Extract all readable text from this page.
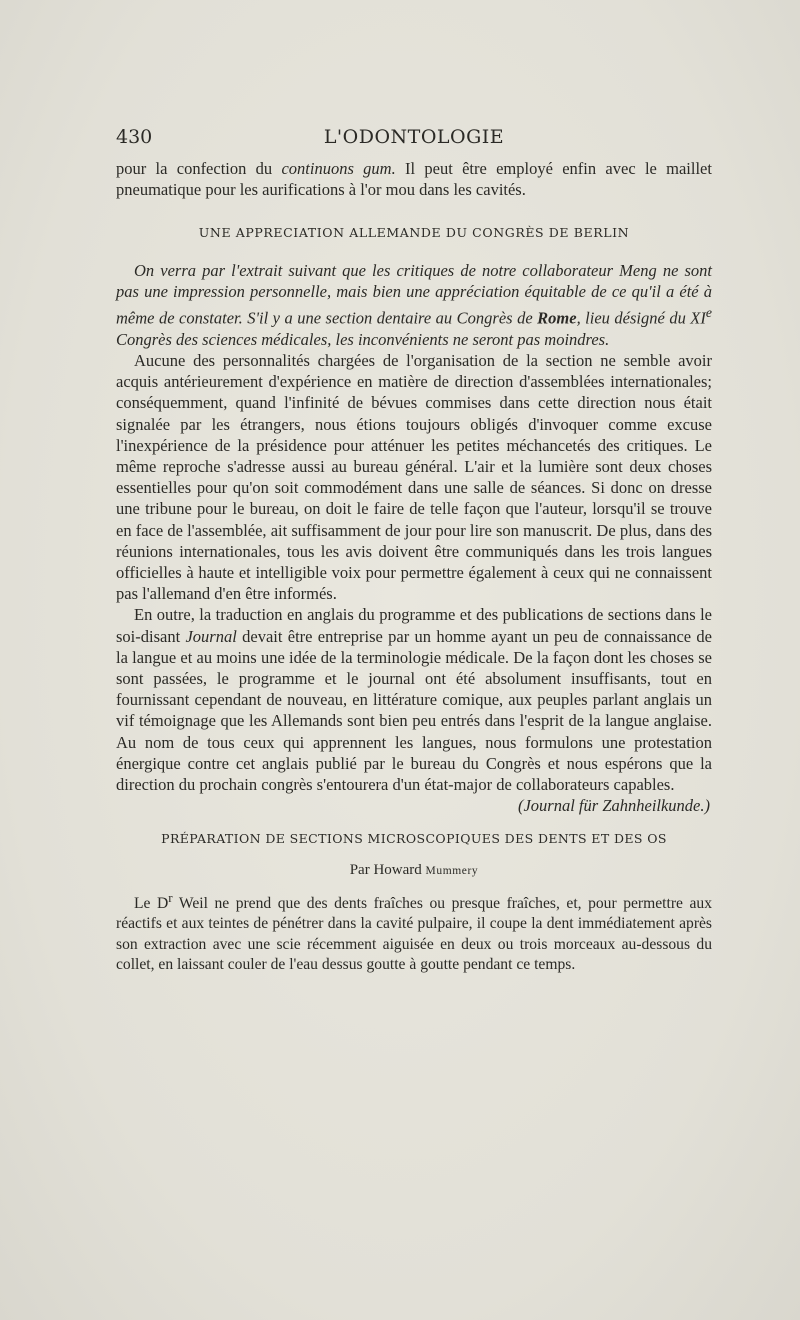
430	L'ODONTOLOGIE

pour la confection du continuons gum. Il peut être employé enfin avec le maillet pneumatique pour les aurifications à l'or mou dans les cavités.

UNE APPRECIATION ALLEMANDE DU CONGRÈS DE BERLIN

On verra par l'extrait suivant que les critiques de notre collaborateur Meng ne sont pas une impression personnelle, mais bien une appréciation équitable de ce qu'il a été à même de constater. S'il y a une section dentaire au Congrès de Rome, lieu désigné du XIe Congrès des sciences médicales, les inconvénients ne seront pas moindres.

Aucune des personnalités chargées de l'organisation de la section ne semble avoir acquis antérieurement d'expérience en matière de direction d'assemblées internationales; conséquemment, quand l'infinité de bévues commises dans cette direction nous était signalée par les étrangers, nous étions toujours obligés d'invoquer comme excuse l'inexpérience de la présidence pour atténuer les petites méchancetés des critiques. Le même reproche s'adresse aussi au bureau général. L'air et la lumière sont deux choses essentielles pour qu'on soit commodément dans une salle de séances. Si donc on dresse une tribune pour le bureau, on doit le faire de telle façon que l'auteur, lorsqu'il se trouve en face de l'assemblée, ait suffisamment de jour pour lire son manuscrit. De plus, dans des réunions internationales, tous les avis doivent être communiqués dans les trois langues officielles à haute et intelligible voix pour permettre également à ceux qui ne connaissent pas l'allemand d'en être informés.

En outre, la traduction en anglais du programme et des publications de sections dans le soi-disant Journal devait être entreprise par un homme ayant un peu de connaissance de la langue et au moins une idée de la terminologie médicale. De la façon dont les choses se sont passées, le programme et le journal ont été absolument insuffisants, tout en fournissant cependant de nouveau, en littérature comique, aux peuples parlant anglais un vif témoignage que les Allemands sont bien peu entrés dans l'esprit de la langue anglaise. Au nom de tous ceux qui apprennent les langues, nous formulons une protestation énergique contre cet anglais publié par le bureau du Congrès et nous espérons que la direction du prochain congrès s'entourera d'un état-major de collaborateurs capables.

(Journal für Zahnheilkunde.)
PRÉPARATION DE SECTIONS MICROSCOPIQUES DES DENTS ET DES OS
Par Howard Mummery

Le $D^r$ Weil ne prend que des dents fraîches ou presque fraîches, et, pour permettre aux réactifs et aux teintes de pénétrer dans la cavité pulpaire, il coupe la dent immédiatement après son extraction avec une scie récemment aiguisée en deux ou trois morceaux au-dessous du collet, en laissant couler de l'eau dessus goutte à goutte pendant ce temps.
